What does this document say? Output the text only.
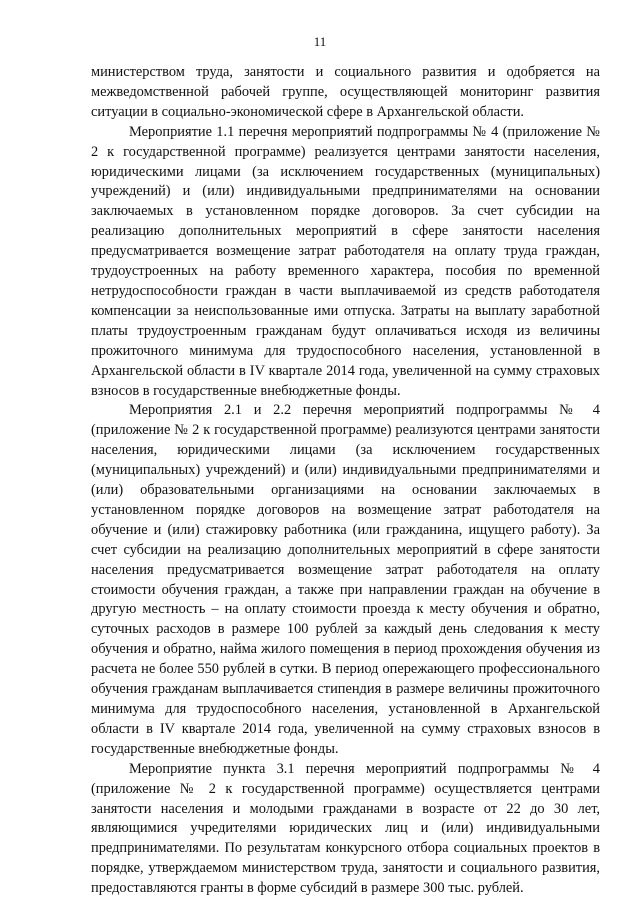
11

министерством труда, занятости и социального развития и одобряется на межведомственной рабочей группе, осуществляющей мониторинг развития ситуации в социально-экономической сфере в Архангельской области.

Мероприятие 1.1 перечня мероприятий подпрограммы № 4 (приложение № 2 к государственной программе) реализуется центрами занятости населения, юридическими лицами (за исключением государственных (муниципальных) учреждений) и (или) индивидуальными предпринимателями на основании заключаемых в установленном порядке договоров. За счет субсидии на реализацию дополнительных мероприятий в сфере занятости населения предусматривается возмещение затрат работодателя на оплату труда граждан, трудоустроенных на работу временного характера, пособия по временной нетрудоспособности граждан в части выплачиваемой из средств работодателя компенсации за неиспользованные ими отпуска. Затраты на выплату заработной платы трудоустроенным гражданам будут оплачиваться исходя из величины прожиточного минимума для трудоспособного населения, установленной в Архангельской области в IV квартале 2014 года, увеличенной на сумму страховых взносов в государственные внебюджетные фонды.

Мероприятия 2.1 и 2.2 перечня мероприятий подпрограммы № 4 (приложение № 2 к государственной программе) реализуются центрами занятости населения, юридическими лицами (за исключением государственных (муниципальных) учреждений) и (или) индивидуальными предпринимателями и (или) образовательными организациями на основании заключаемых в установленном порядке договоров на возмещение затрат работодателя на обучение и (или) стажировку работника (или гражданина, ищущего работу). За счет субсидии на реализацию дополнительных мероприятий в сфере занятости населения предусматривается возмещение затрат работодателя на оплату стоимости обучения граждан, а также при направлении граждан на обучение в другую местность – на оплату стоимости проезда к месту обучения и обратно, суточных расходов в размере 100 рублей за каждый день следования к месту обучения и обратно, найма жилого помещения в период прохождения обучения из расчета не более 550 рублей в сутки. В период опережающего профессионального обучения гражданам выплачивается стипендия в размере величины прожиточного минимума для трудоспособного населения, установленной в Архангельской области в IV квартале 2014 года, увеличенной на сумму страховых взносов в государственные внебюджетные фонды.

Мероприятие пункта 3.1 перечня мероприятий подпрограммы № 4 (приложение № 2 к государственной программе) осуществляется центрами занятости населения и молодыми гражданами в возрасте от 22 до 30 лет, являющимися учредителями юридических лиц и (или) индивидуальными предпринимателями. По результатам конкурсного отбора социальных проектов в порядке, утверждаемом министерством труда, занятости и социального развития, предоставляются гранты в форме субсидий в размере 300 тыс. рублей.
